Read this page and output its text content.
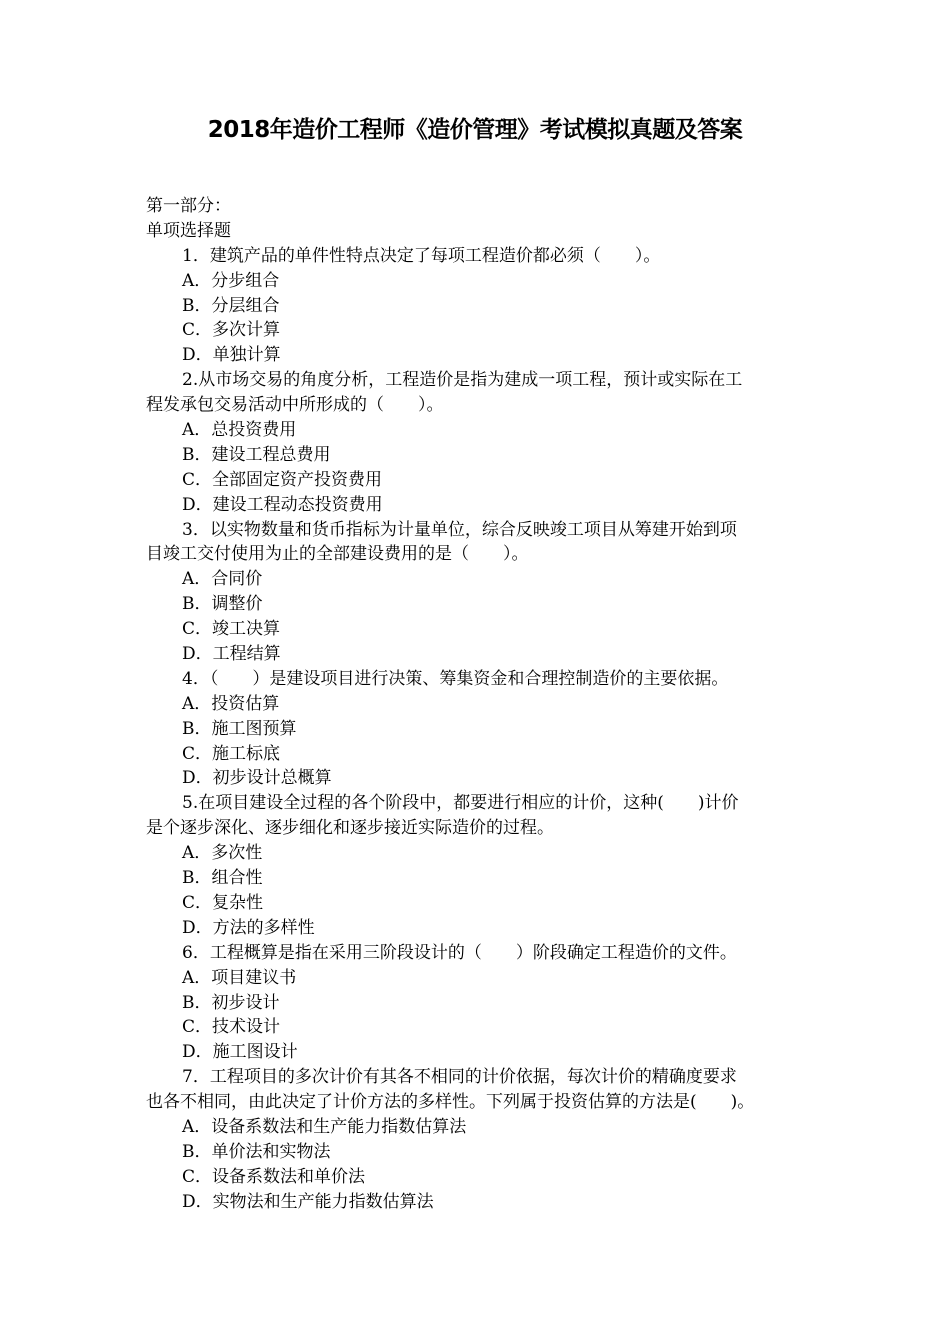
2018年造价工程师《造价管理》考试模拟真题及答案
第一部分：
单项选择题
1．建筑产品的单件性特点决定了每项工程造价都必须（　　）。
A．分步组合
B．分层组合
C．多次计算
D．单独计算
2.从市场交易的角度分析，工程造价是指为建成一项工程，预计或实际在工
程发承包交易活动中所形成的（　　）。
A．总投资费用
B．建设工程总费用
C．全部固定资产投资费用
D．建设工程动态投资费用
3．以实物数量和货币指标为计量单位，综合反映竣工项目从筹建开始到项
目竣工交付使用为止的全部建设费用的是（　　）。
A．合同价
B．调整价
C．竣工决算
D．工程结算
4．（　　）是建设项目进行决策、筹集资金和合理控制造价的主要依据。
A．投资估算
B．施工图预算
C．施工标底
D．初步设计总概算
5.在项目建设全过程的各个阶段中，都要进行相应的计价，这种(　　)计价
是个逐步深化、逐步细化和逐步接近实际造价的过程。
A．多次性
B．组合性
C．复杂性
D．方法的多样性
6．工程概算是指在采用三阶段设计的（　　）阶段确定工程造价的文件。
A．项目建议书
B．初步设计
C．技术设计
D．施工图设计
7．工程项目的多次计价有其各不相同的计价依据，每次计价的精确度要求
也各不相同，由此决定了计价方法的多样性。下列属于投资估算的方法是(　　)。
A．设备系数法和生产能力指数估算法
B．单价法和实物法
C．设备系数法和单价法
D．实物法和生产能力指数估算法
